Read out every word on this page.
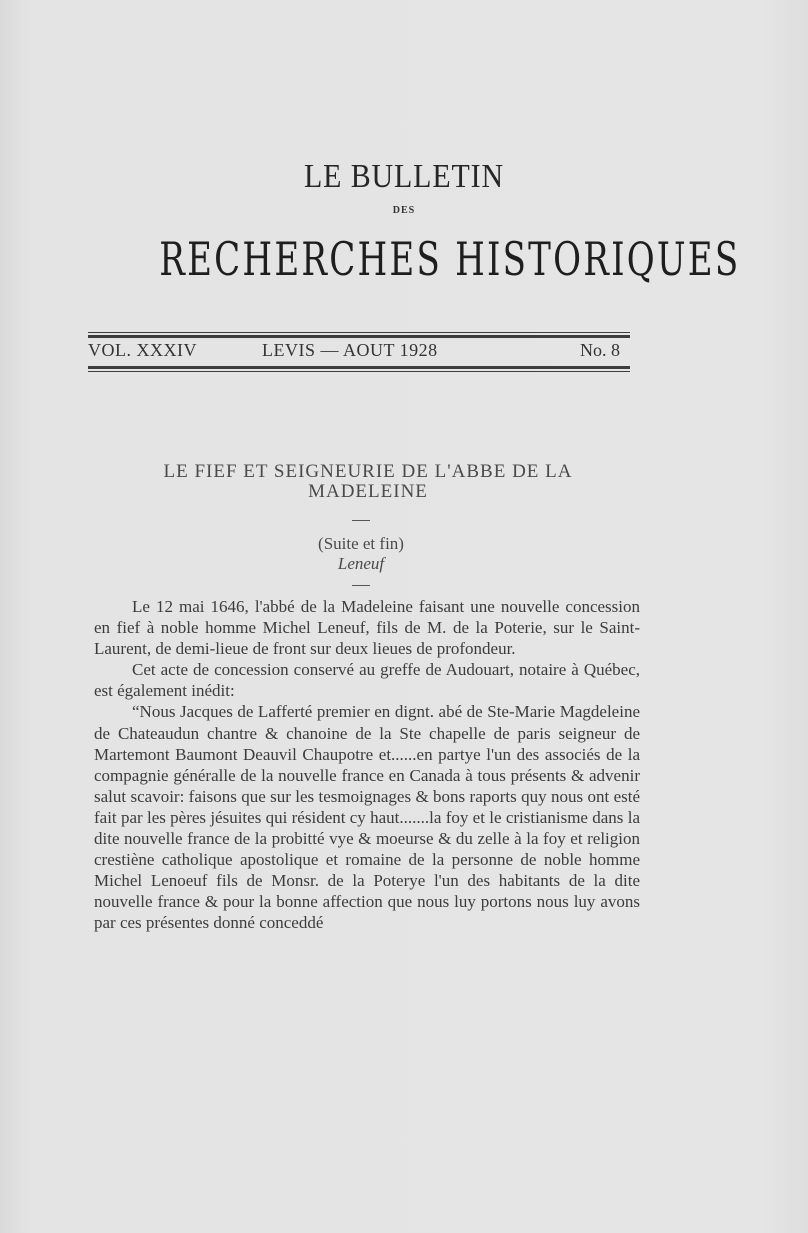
LE BULLETIN
DES
RECHERCHES HISTORIQUES
VOL. XXXIV	LEVIS — AOUT 1928	No. 8
LE FIEF ET SEIGNEURIE DE L'ABBE DE LA
MADELEINE
(Suite et fin)
Leneuf

Le 12 mai 1646, l'abbé de la Madeleine faisant une nouvelle concession en fief à noble homme Michel Leneuf, fils de M. de la Poterie, sur le Saint-Laurent, de demi-lieue de front sur deux lieues de profondeur.

Cet acte de concession conservé au greffe de Audouart, notaire à Québec, est également inédit:

“Nous Jacques de Lafferté premier en dignt. abé de Ste-Marie Magdeleine de Chateaudun chantre & chanoine de la Ste chapelle de paris seigneur de Martemont Baumont Deauvil Chaupotre et......en partye l'un des associés de la compagnie généralle de la nouvelle france en Canada à tous présents & advenir salut scavoir: faisons que sur les tesmoignages & bons raports quy nous ont esté fait par les pères jésuites qui résident cy haut.......la foy et le cristianisme dans la dite nouvelle france de la probitté vye & moeurse & du zelle à la foy et religion crestiène catholique apostolique et romaine de la personne de noble homme Michel Lenoeuf fils de Monsr. de la Poterye l'un des habitants de la dite nouvelle france & pour la bonne affection que nous luy portons nous luy avons par ces présentes donné conceddé
